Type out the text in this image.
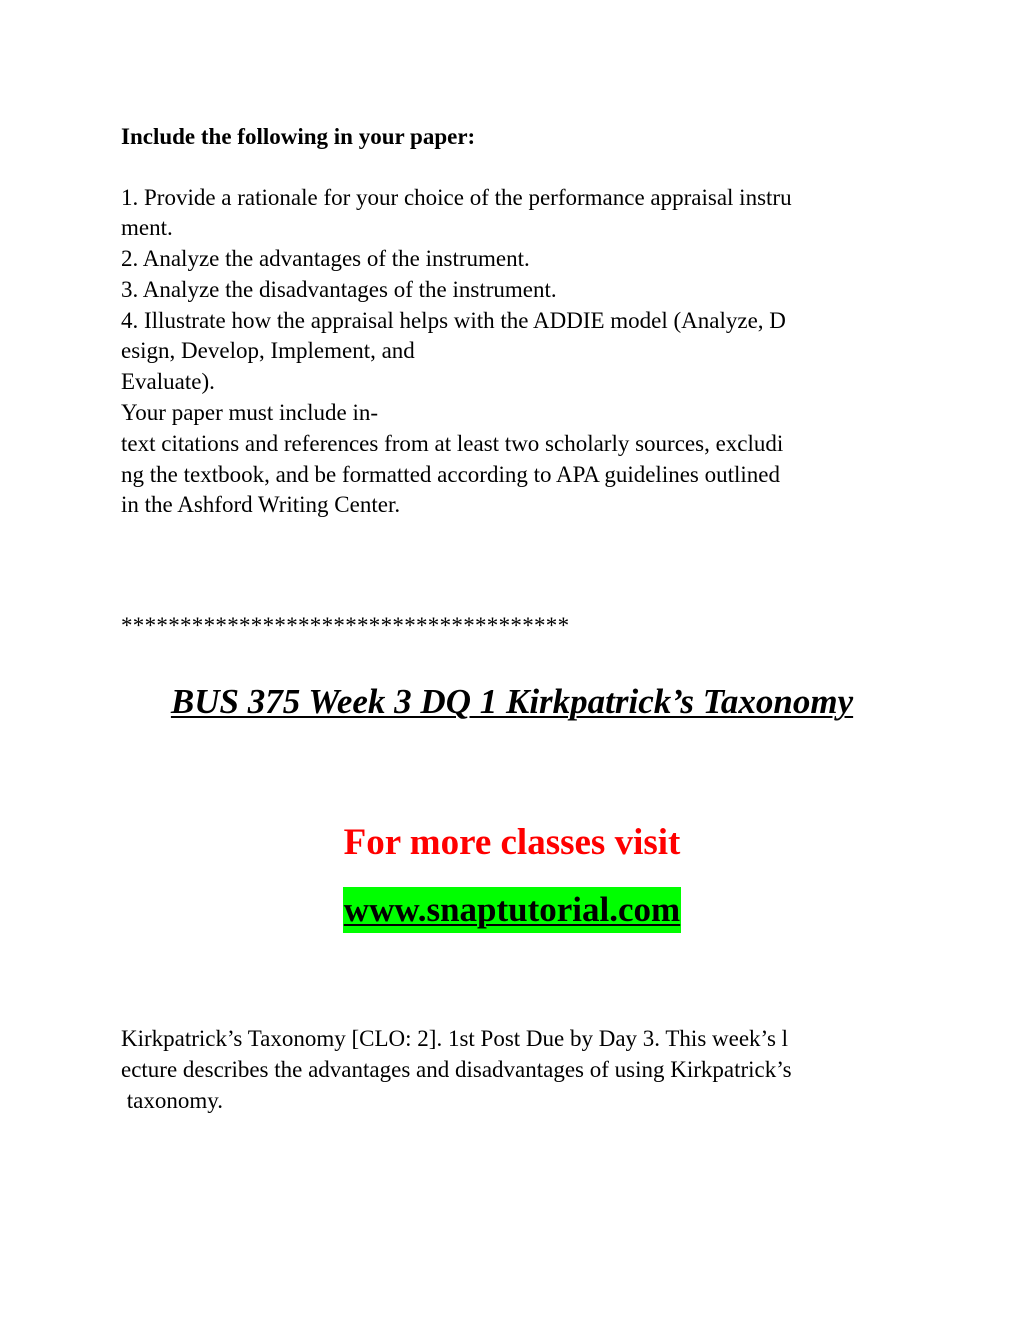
Include the following in your paper:
1. Provide a rationale for your choice of the performance appraisal instru
ment.
2. Analyze the advantages of the instrument.
3. Analyze the disadvantages of the instrument.
4. Illustrate how the appraisal helps with the ADDIE model (Analyze, D
esign, Develop, Implement, and
Evaluate).
Your paper must include in-
text citations and references from at least two scholarly sources, excludi
ng the textbook, and be formatted according to APA guidelines outlined
in the Ashford Writing Center.
**************************************
BUS 375 Week 3 DQ 1 Kirkpatrick’s Taxonomy
For more classes visit
www.snaptutorial.com
Kirkpatrick’s Taxonomy [CLO: 2]. 1st Post Due by Day 3. This week’s l
ecture describes the advantages and disadvantages of using Kirkpatrick’s
taxonomy.
